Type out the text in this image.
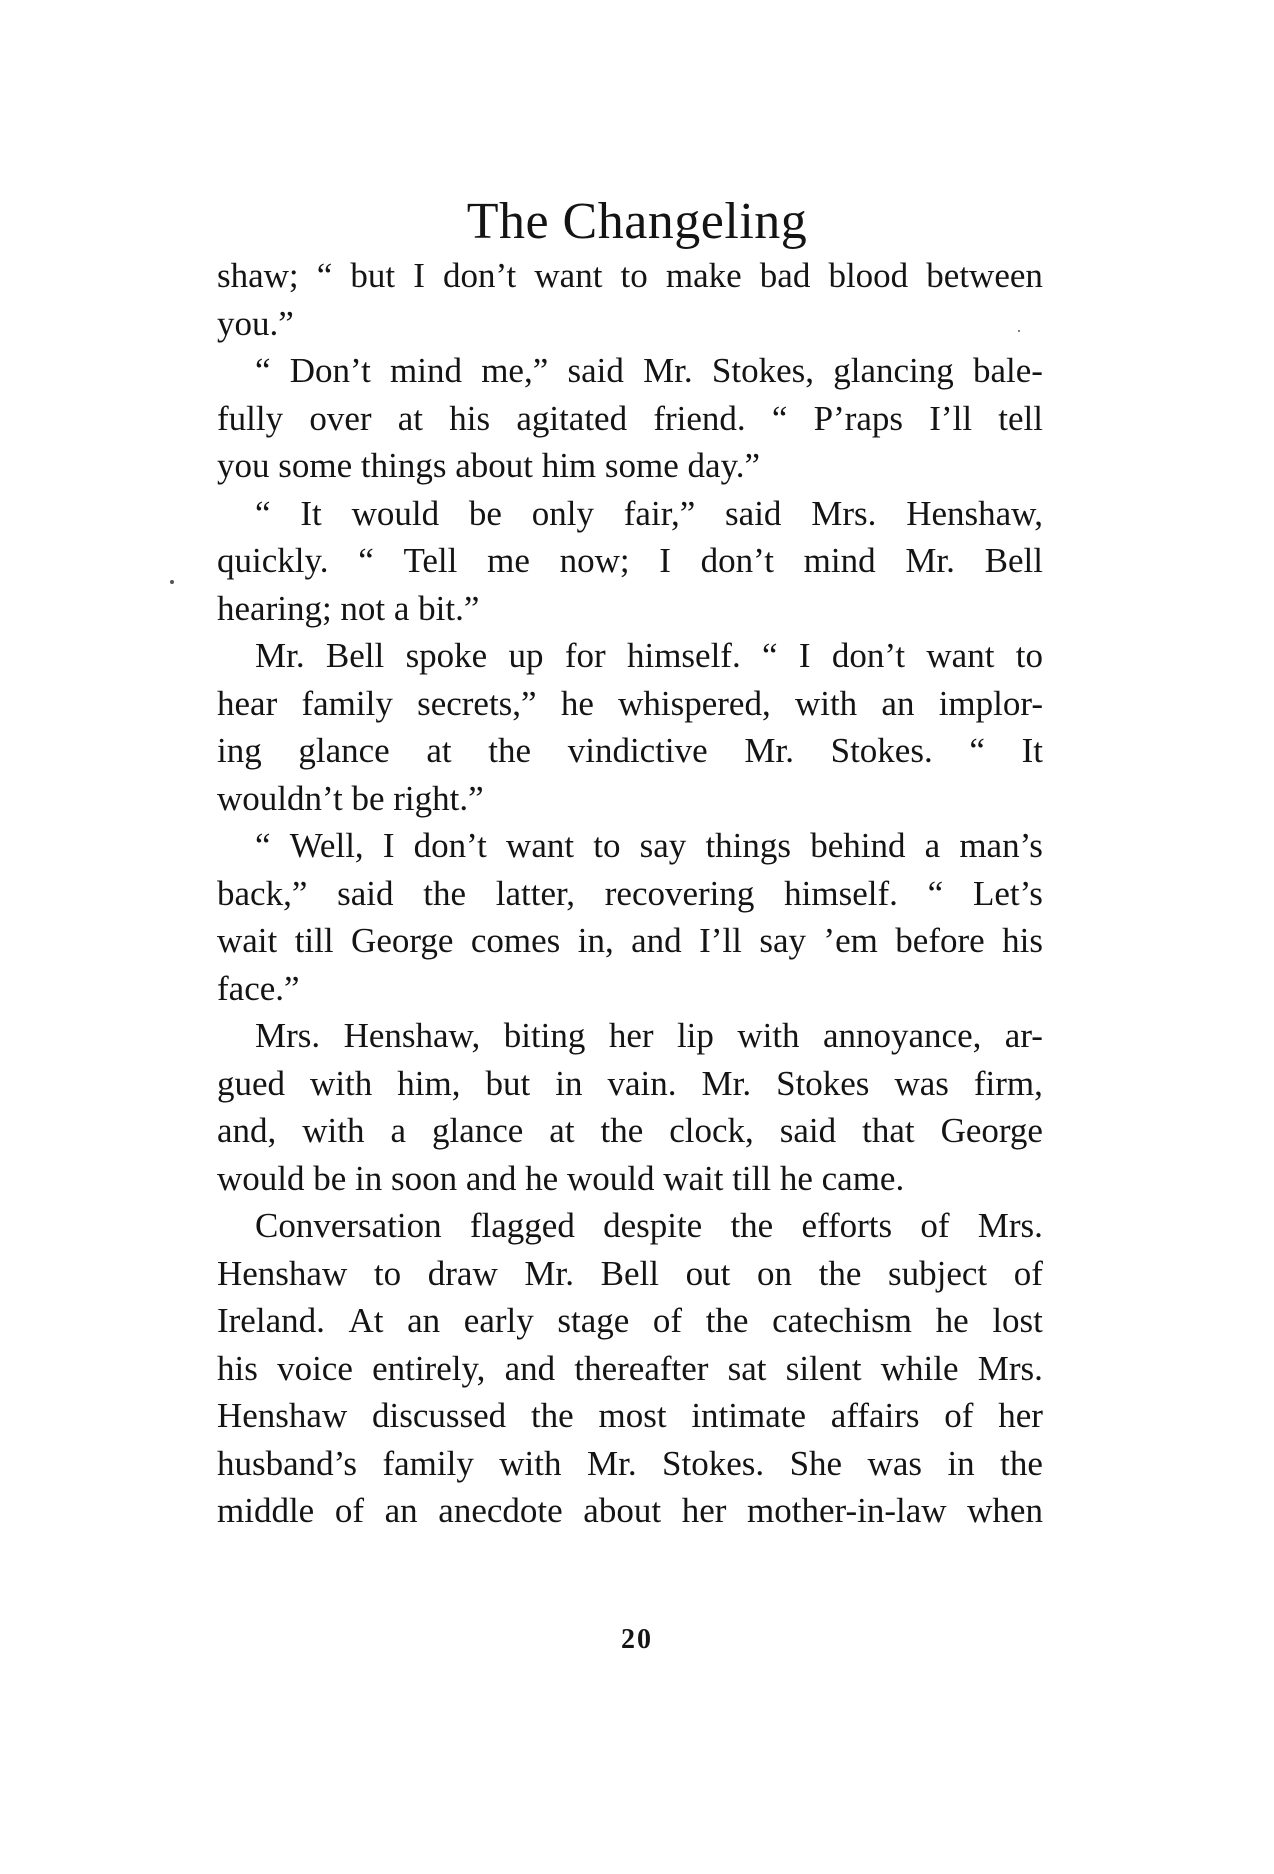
The Changeling
shaw; “ but I don’t want to make bad blood between
you.”
“ Don’t mind me,” said Mr. Stokes, glancing bale-
fully over at his agitated friend. “ P’raps I’ll tell
you some things about him some day.”
“ It would be only fair,” said Mrs. Henshaw,
quickly. “ Tell me now; I don’t mind Mr. Bell
hearing; not a bit.”
Mr. Bell spoke up for himself. “ I don’t want to
hear family secrets,” he whispered, with an implor-
ing glance at the vindictive Mr. Stokes. “ It
wouldn’t be right.”
“ Well, I don’t want to say things behind a man’s
back,” said the latter, recovering himself. “ Let’s
wait till George comes in, and I’ll say ’em before his
face.”
Mrs. Henshaw, biting her lip with annoyance, ar-
gued with him, but in vain. Mr. Stokes was firm,
and, with a glance at the clock, said that George
would be in soon and he would wait till he came.
Conversation flagged despite the efforts of Mrs.
Henshaw to draw Mr. Bell out on the subject of
Ireland. At an early stage of the catechism he lost
his voice entirely, and thereafter sat silent while Mrs.
Henshaw discussed the most intimate affairs of her
husband’s family with Mr. Stokes. She was in the
middle of an anecdote about her mother-in-law when
20
